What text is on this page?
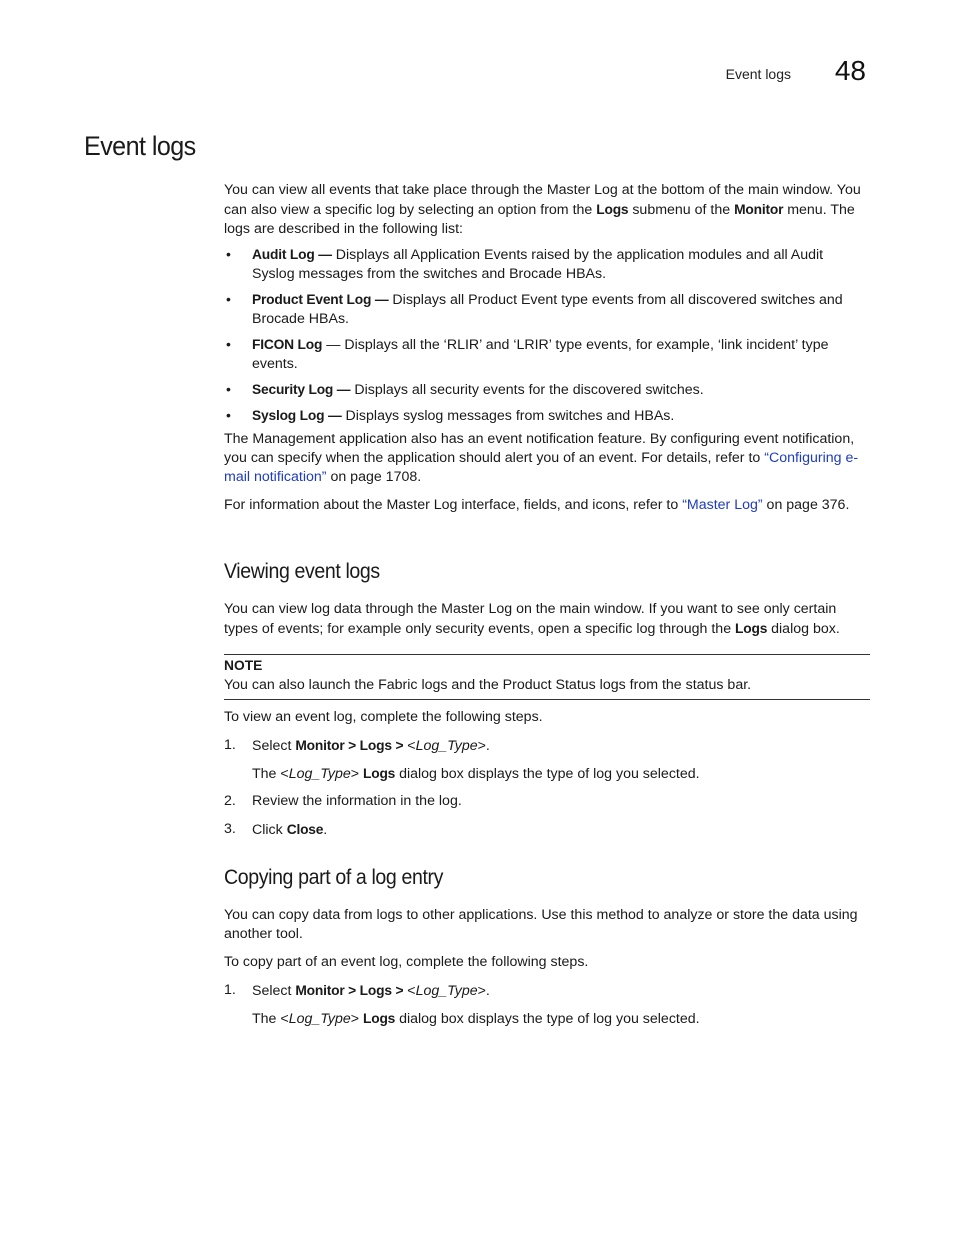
Event logs 48
Event logs

You can view all events that take place through the Master Log at the bottom of the main window. You can also view a specific log by selecting an option from the Logs submenu of the Monitor menu. The logs are described in the following list:

• Audit Log — Displays all Application Events raised by the application modules and all Audit Syslog messages from the switches and Brocade HBAs.
• Product Event Log — Displays all Product Event type events from all discovered switches and Brocade HBAs.
• FICON Log — Displays all the ‘RLIR’ and ‘LRIR’ type events, for example, ‘link incident’ type events.
• Security Log — Displays all security events for the discovered switches.
• Syslog Log — Displays syslog messages from switches and HBAs.

The Management application also has an event notification feature. By configuring event notification, you can specify when the application should alert you of an event. For details, refer to “Configuring e-mail notification” on page 1708.

For information about the Master Log interface, fields, and icons, refer to “Master Log” on page 376.

Viewing event logs

You can view log data through the Master Log on the main window. If you want to see only certain types of events; for example only security events, open a specific log through the Logs dialog box.

NOTE
You can also launch the Fabric logs and the Product Status logs from the status bar.

To view an event log, complete the following steps.

1. Select Monitor > Logs > <Log_Type>.
The <Log_Type> Logs dialog box displays the type of log you selected.
2. Review the information in the log.
3. Click Close.
Copying part of a log entry

You can copy data from logs to other applications. Use this method to analyze or store the data using another tool.

To copy part of an event log, complete the following steps.

1. Select Monitor > Logs > <Log_Type>.
The <Log_Type> Logs dialog box displays the type of log you selected.
